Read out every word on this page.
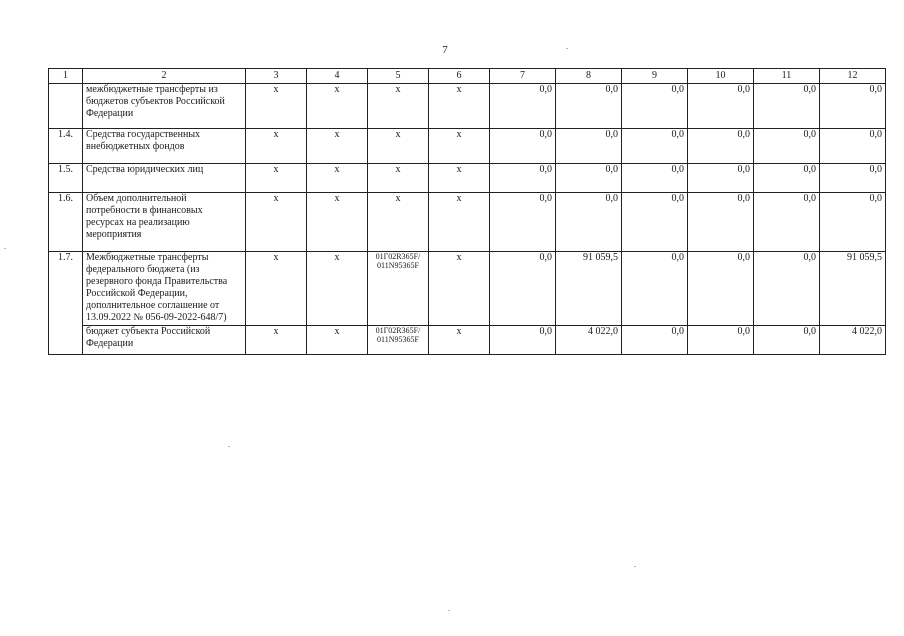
7
1	2	3	4	5	6	7	8	9	10	11	12
	межбюджетные трансферты из бюджетов субъектов Российской Федерации	x	x	x	x	0,0	0,0	0,0	0,0	0,0	0,0
1.4.	Средства государственных внебюджетных фондов	x	x	x	x	0,0	0,0	0,0	0,0	0,0	0,0
1.5.	Средства юридических лиц	x	x	x	x	0,0	0,0	0,0	0,0	0,0	0,0
1.6.	Объем дополнительной потребности в финансовых ресурсах на реализацию мероприятия	x	x	x	x	0,0	0,0	0,0	0,0	0,0	0,0
1.7.	Межбюджетные трансферты федерального бюджета (из резервного фонда Правительства Российской Федерации, дополнительное соглашение от 13.09.2022 № 056-09-2022-648/7)	x	x	01Г02R365F/ 011N95365F	x	0,0	91 059,5	0,0	0,0	0,0	91 059,5
	бюджет субъекта Российской Федерации	x	x	01Г02R365F/ 011N95365F	x	0,0	4 022,0	0,0	0,0	0,0	4 022,0
